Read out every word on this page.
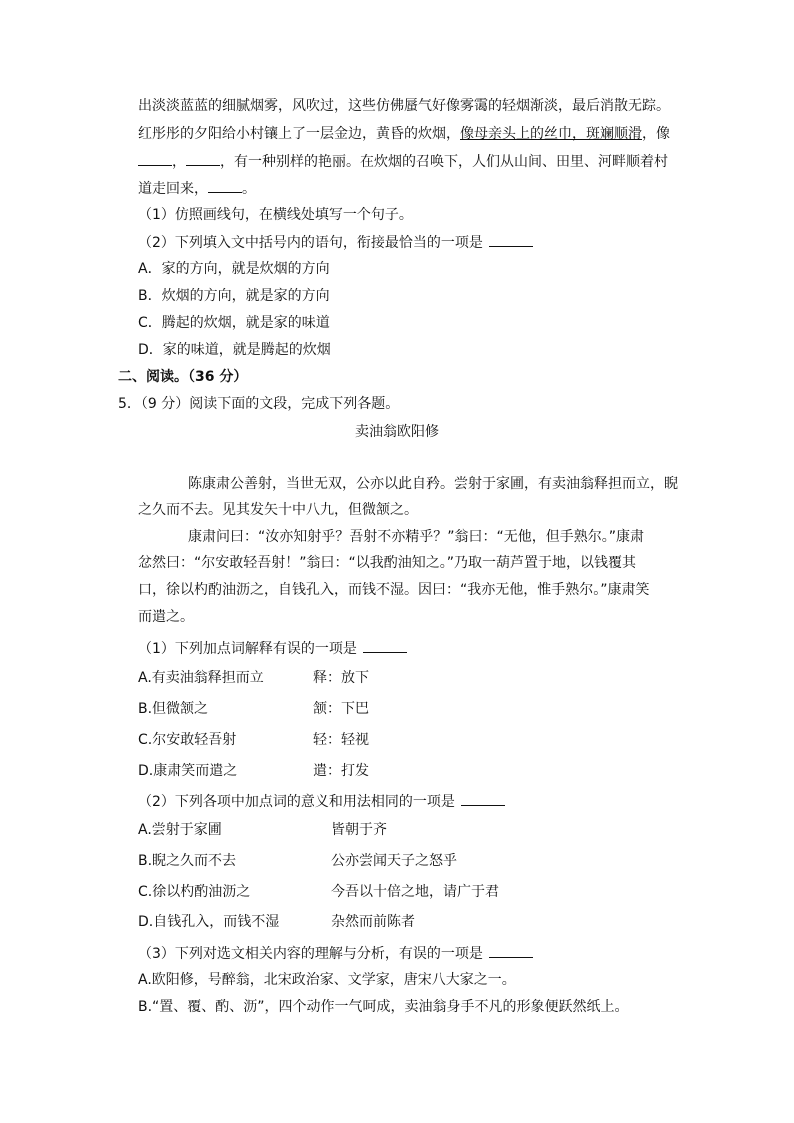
出淡淡蓝蓝的细腻烟雾，风吹过，这些仿佛蜃气好像雾霭的轻烟渐淡，最后消散无踪。
红彤彤的夕阳给小村镶上了一层金边，黄昏的炊烟，像母亲头上的丝巾，斑斓顺滑，像
， ，有一种别样的艳丽。在炊烟的召唤下，人们从山间、田里、河畔顺着村
道走回来， 。
（1）仿照画线句，在横线处填写一个句子。
（2）下列填入文中括号内的语句，衔接最恰当的一项是
A．家的方向，就是炊烟的方向
B．炊烟的方向，就是家的方向
C．腾起的炊烟，就是家的味道
D．家的味道，就是腾起的炊烟
二、阅读。（36 分）
5．（9 分）阅读下面的文段，完成下列各题。
卖油翁欧阳修
陈康肃公善射，当世无双，公亦以此自矜。尝射于家圃，有卖油翁释担而立，睨
之久而不去。见其发矢十中八九，但微颔之。
康肃问曰：“汝亦知射乎？吾射不亦精乎？”翁曰：“无他，但手熟尔。”康肃
忿然曰：“尔安敢轻吾射！”翁曰：“以我酌油知之。”乃取一葫芦置于地，以钱覆其
口，徐以杓酌油沥之，自钱孔入，而钱不湿。因曰：“我亦无他，惟手熟尔。”康肃笑
而遣之。
（1）下列加点词解释有误的一项是
A.有卖油翁释担而立	释：放下
B.但微颔之	颔：下巴
C.尔安敢轻吾射	轻：轻视
D.康肃笑而遣之	遣：打发
（2）下列各项中加点词的意义和用法相同的一项是
A.尝射于家圃	皆朝于齐
B.睨之久而不去	公亦尝闻天子之怒乎
C.徐以杓酌油沥之	今吾以十倍之地，请广于君
D.自钱孔入，而钱不湿	杂然而前陈者
（3）下列对选文相关内容的理解与分析，有误的一项是
A.欧阳修，号醉翁，北宋政治家、文学家，唐宋八大家之一。
B.“置、覆、酌、沥”，四个动作一气呵成，卖油翁身手不凡的形象便跃然纸上。
